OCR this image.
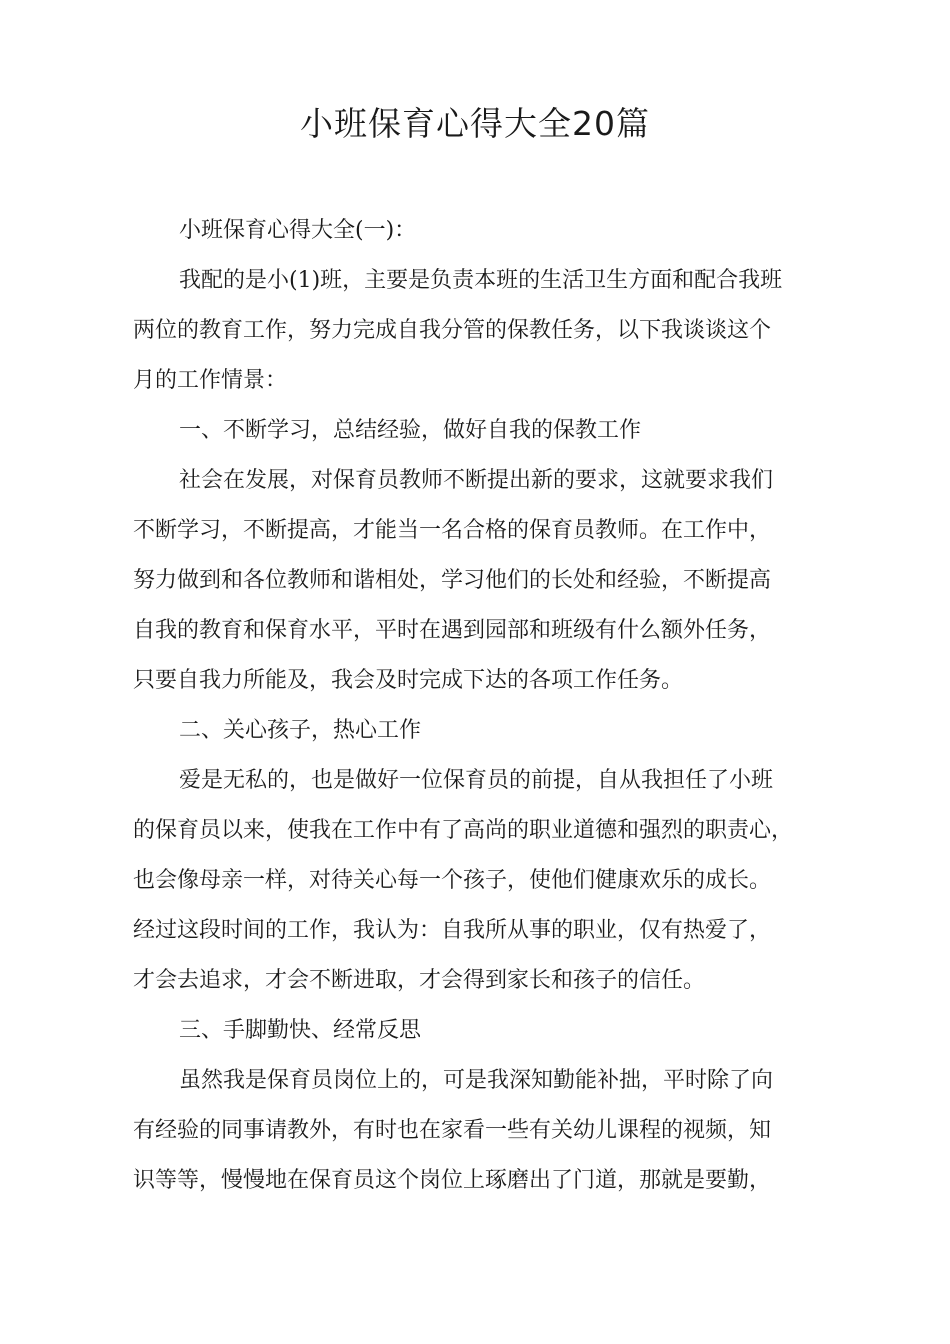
小班保育心得大全20篇

小班保育心得大全(一)：

我配的是小(1)班，主要是负责本班的生活卫生方面和配合我班
两位的教育工作，努力完成自我分管的保教任务，以下我谈谈这个
月的工作情景：

一、不断学习，总结经验，做好自我的保教工作

社会在发展，对保育员教师不断提出新的要求，这就要求我们
不断学习，不断提高，才能当一名合格的保育员教师。在工作中，
努力做到和各位教师和谐相处，学习他们的长处和经验，不断提高
自我的教育和保育水平，平时在遇到园部和班级有什么额外任务，
只要自我力所能及，我会及时完成下达的各项工作任务。

二、关心孩子，热心工作

爱是无私的，也是做好一位保育员的前提，自从我担任了小班
的保育员以来，使我在工作中有了高尚的职业道德和强烈的职责心，
也会像母亲一样，对待关心每一个孩子，使他们健康欢乐的成长。
经过这段时间的工作，我认为：自我所从事的职业，仅有热爱了，
才会去追求，才会不断进取，才会得到家长和孩子的信任。

三、手脚勤快、经常反思

虽然我是保育员岗位上的，可是我深知勤能补拙，平时除了向
有经验的同事请教外，有时也在家看一些有关幼儿课程的视频，知
识等等，慢慢地在保育员这个岗位上琢磨出了门道，那就是要勤，
